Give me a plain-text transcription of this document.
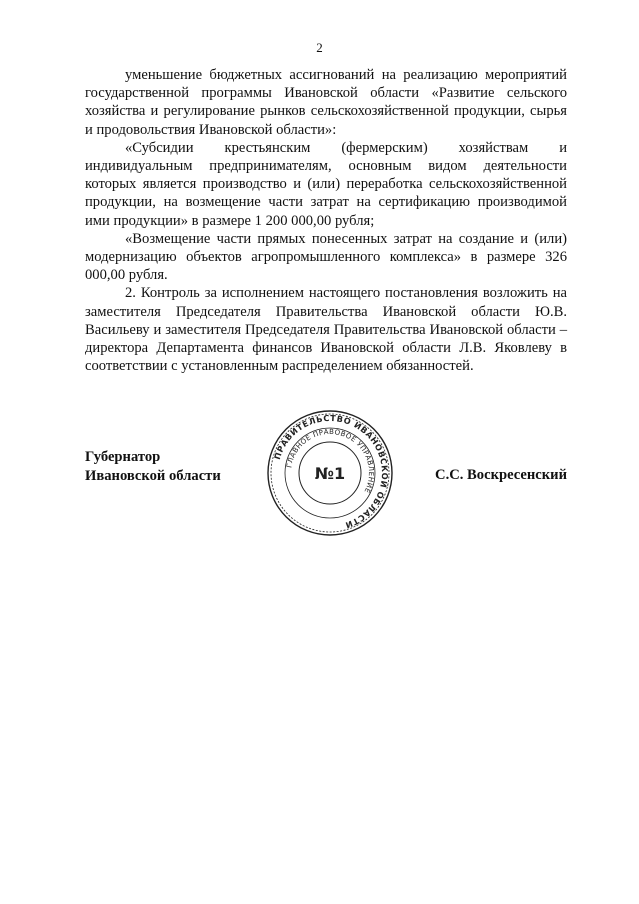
2

уменьшение бюджетных ассигнований на реализацию мероприятий государственной программы Ивановской области «Развитие сельского хозяйства и регулирование рынков сельскохозяйственной продукции, сырья и продовольствия Ивановской области»:

«Субсидии крестьянским (фермерским) хозяйствам и индивидуальным предпринимателям, основным видом деятельности которых является производство и (или) переработка сельскохозяйственной продукции, на возмещение части затрат на сертификацию производимой ими продукции» в размере 1 200 000,00 рубля;

«Возмещение части прямых понесенных затрат на создание и (или) модернизацию объектов агропромышленного комплекса» в размере 326 000,00 рубля.

2. Контроль за исполнением настоящего постановления возложить на заместителя Председателя Правительства Ивановской области Ю.В. Васильеву и заместителя Председателя Правительства Ивановской области – директора Департамента финансов Ивановской области Л.В. Яковлеву в соответствии с установленным распределением обязанностей.

Губернатор
Ивановской области
ПРАВИТЕЛЬСТВО ИВАНОВСКОЙ ОБЛАСТИ
ГЛАВНОЕ ПРАВОВОЕ УПРАВЛЕНИЕ
№1	С.С. Воскресенский
